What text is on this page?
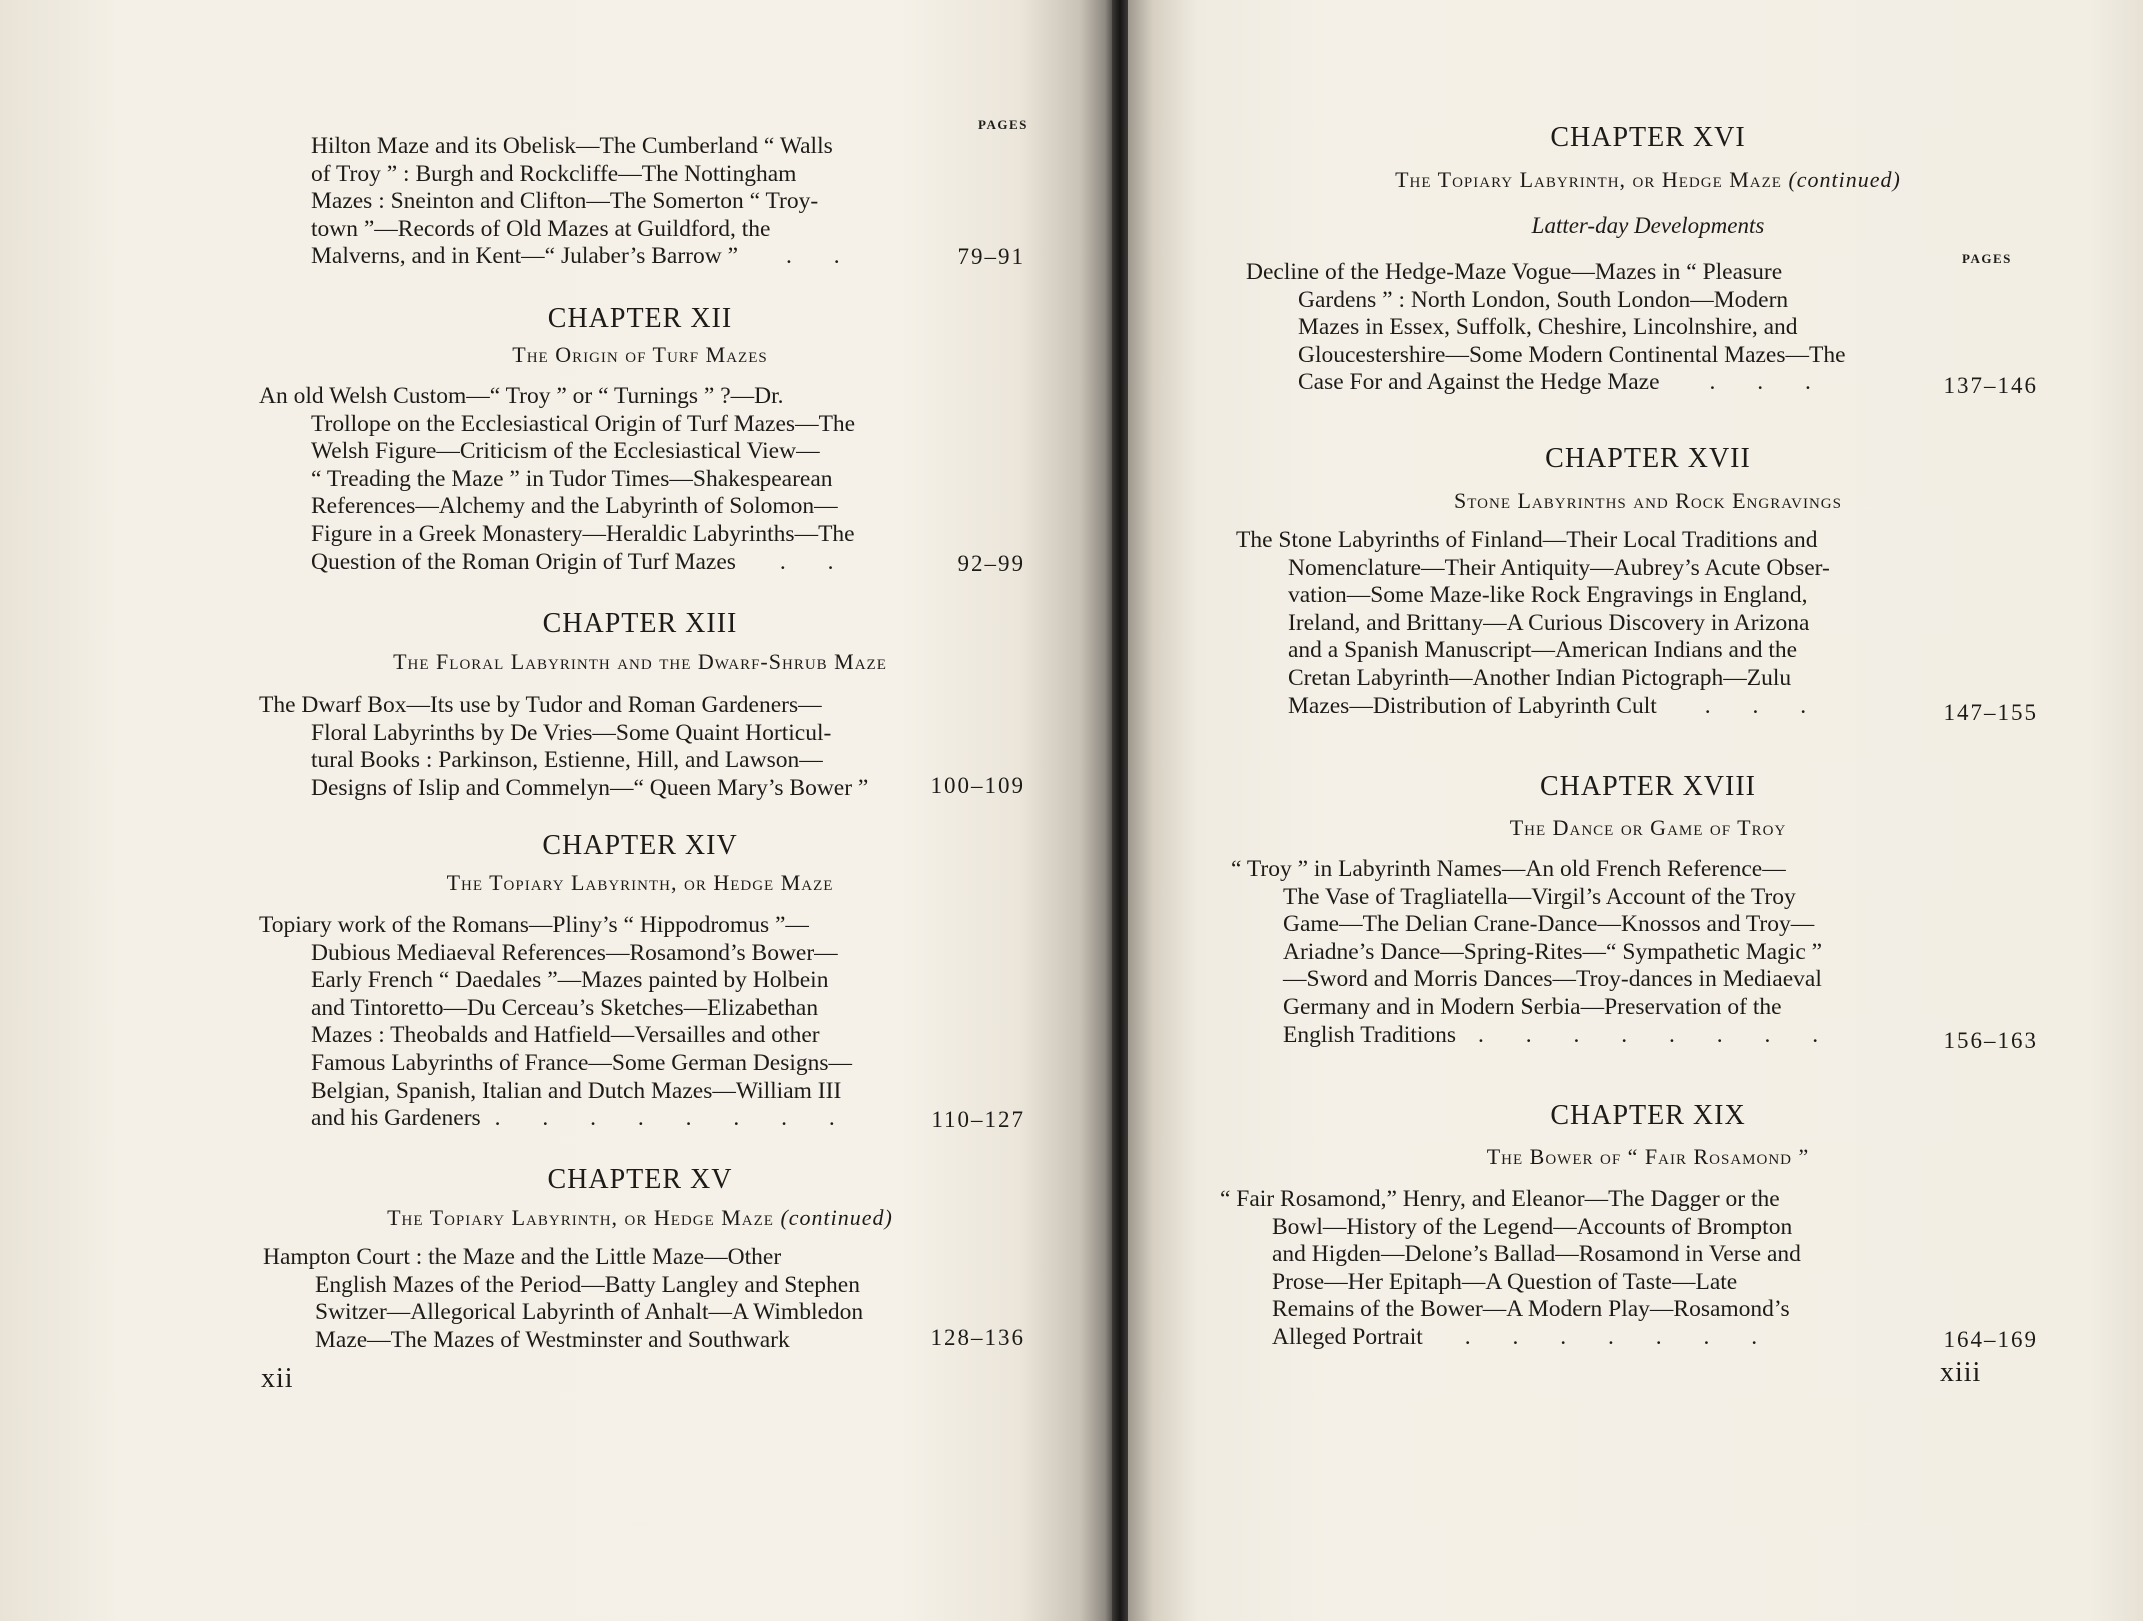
PAGES

Hilton Maze and its Obelisk—The Cumberland “ Walls

of Troy ” : Burgh and Rockcliffe—The Nottingham

Mazes : Sneinton and Clifton—The Somerton “ Troy-

town ”—Records of Old Mazes at Guildford, the

Malverns, and in Kent—“ Julaber’s Barrow ” . .	79–91
CHAPTER XII
The Origin of Turf Mazes

An old Welsh Custom—“ Troy ” or “ Turnings ” ?—Dr.

Trollope on the Ecclesiastical Origin of Turf Mazes—The

Welsh Figure—Criticism of the Ecclesiastical View—

“ Treading the Maze ” in Tudor Times—Shakespearean

References—Alchemy and the Labyrinth of Solomon—

Figure in a Greek Monastery—Heraldic Labyrinths—The

Question of the Roman Origin of Turf Mazes . .	92–99
CHAPTER XIII
The Floral Labyrinth and the Dwarf-Shrub Maze

The Dwarf Box—Its use by Tudor and Roman Gardeners—

Floral Labyrinths by De Vries—Some Quaint Horticul-

tural Books : Parkinson, Estienne, Hill, and Lawson—

Designs of Islip and Commelyn—“ Queen Mary’s Bower ”	100–109
CHAPTER XIV
The Topiary Labyrinth, or Hedge Maze

Topiary work of the Romans—Pliny’s “ Hippodromus ”—

Dubious Mediaeval References—Rosamond’s Bower—

Early French “ Daedales ”—Mazes painted by Holbein

and Tintoretto—Du Cerceau’s Sketches—Elizabethan

Mazes : Theobalds and Hatfield—Versailles and other

Famous Labyrinths of France—Some German Designs—

Belgian, Spanish, Italian and Dutch Mazes—William III

and his Gardeners . . . . . . . .	110–127
CHAPTER XV
The Topiary Labyrinth, or Hedge Maze (continued)

Hampton Court : the Maze and the Little Maze—Other

English Mazes of the Period—Batty Langley and Stephen

Switzer—Allegorical Labyrinth of Anhalt—A Wimbledon

Maze—The Mazes of Westminster and Southwark	128–136
xii
CHAPTER XVI
The Topiary Labyrinth, or Hedge Maze (continued)
Latter-day Developments
PAGES

Decline of the Hedge-Maze Vogue—Mazes in “ Pleasure

Gardens ” : North London, South London—Modern

Mazes in Essex, Suffolk, Cheshire, Lincolnshire, and

Gloucestershire—Some Modern Continental Mazes—The

Case For and Against the Hedge Maze . . .	137–146
CHAPTER XVII
Stone Labyrinths and Rock Engravings

The Stone Labyrinths of Finland—Their Local Traditions and

Nomenclature—Their Antiquity—Aubrey’s Acute Obser-

vation—Some Maze-like Rock Engravings in England,

Ireland, and Brittany—A Curious Discovery in Arizona

and a Spanish Manuscript—American Indians and the

Cretan Labyrinth—Another Indian Pictograph—Zulu

Mazes—Distribution of Labyrinth Cult . . .	147–155
CHAPTER XVIII
The Dance or Game of Troy

“ Troy ” in Labyrinth Names—An old French Reference—

The Vase of Tragliatella—Virgil’s Account of the Troy

Game—The Delian Crane-Dance—Knossos and Troy—

Ariadne’s Dance—Spring-Rites—“ Sympathetic Magic ”

—Sword and Morris Dances—Troy-dances in Mediaeval

Germany and in Modern Serbia—Preservation of the

English Traditions . . . . . . . .	156–163
CHAPTER XIX
The Bower of “ Fair Rosamond ”

“ Fair Rosamond,” Henry, and Eleanor—The Dagger or the

Bowl—History of the Legend—Accounts of Brompton

and Higden—Delone’s Ballad—Rosamond in Verse and

Prose—Her Epitaph—A Question of Taste—Late

Remains of the Bower—A Modern Play—Rosamond’s

Alleged Portrait . . . . . . .	164–169
xiii
